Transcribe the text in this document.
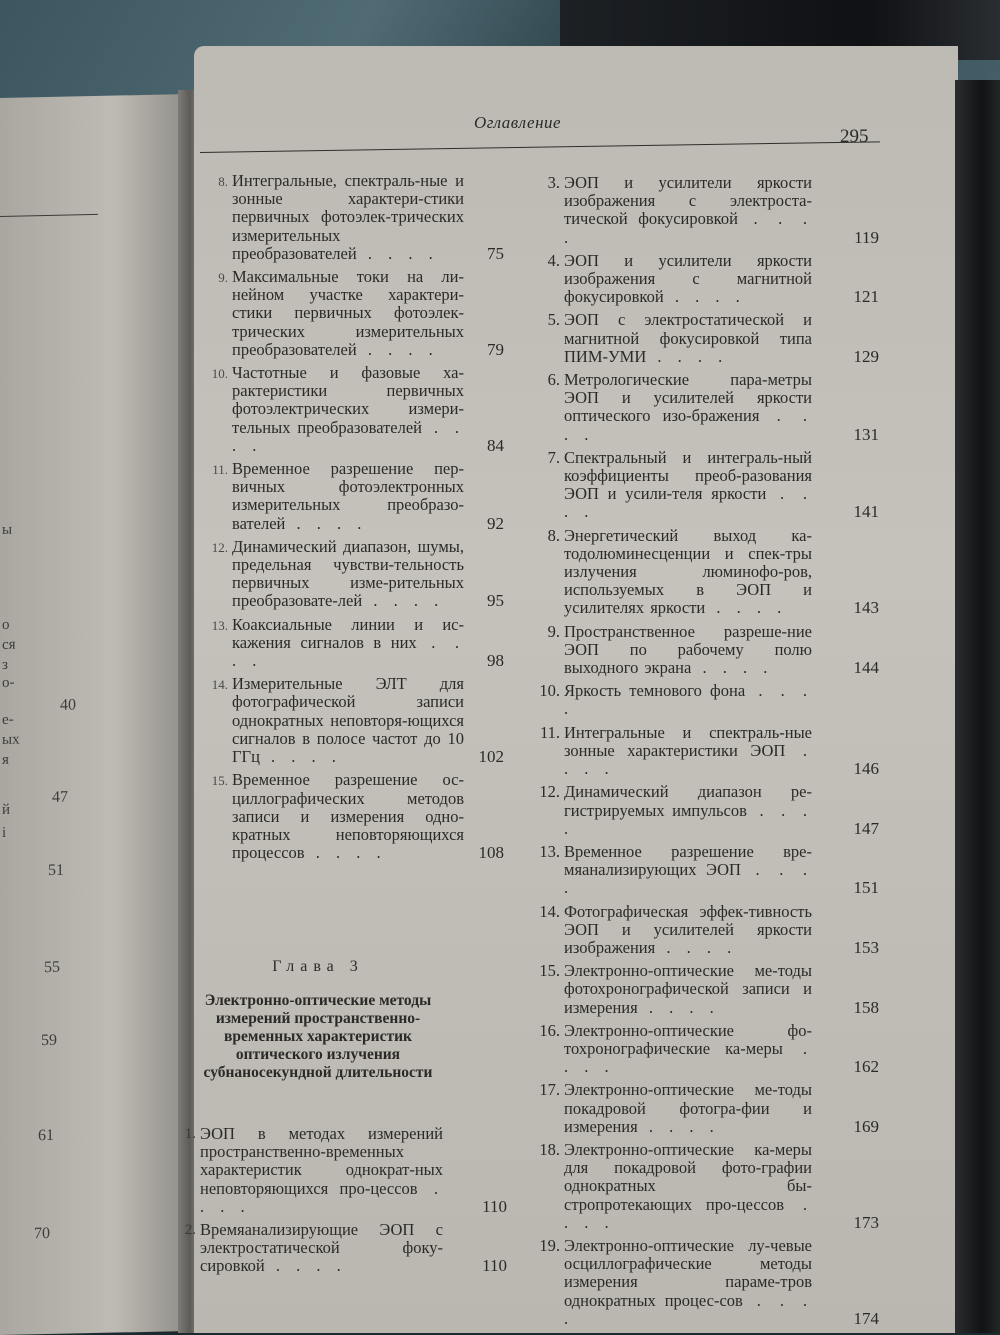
ы
о
ся
з
о-
е-
ых
я
й
і
40
47
51
55
59
61
70
Оглавление
295
8. Интегральные, спектраль-ные и зонные характери-стики первичных фотоэлек-трических измерительных преобразователей . . . .	75
9. Максимальные токи на ли-нейном участке характери-стики первичных фотоэлек-трических измерительных преобразователей . . . .	79
10. Частотные и фазовые ха-рактеристики первичных фотоэлектрических измери-тельных преобразователей . . . .	84
11. Временное разрешение пер-вичных фотоэлектронных измерительных преобразо-вателей . . . .	92
12. Динамический диапазон, шумы, предельная чувстви-тельность первичных изме-рительных преобразовате-лей . . . .	95
13. Коаксиальные линии и ис-кажения сигналов в них . . . .	98
14. Измерительные ЭЛТ для фотографической записи однократных неповторя-ющихся сигналов в полосе частот до 10 ГГц . . . .	102
15. Временное разрешение ос-циллографических методов записи и измерения одно-кратных неповторяющихся процессов . . . .	108
Глава 3
Электронно-оптические методы измерений пространственно-временных характеристик оптического излучения субнаносекундной длительности
1. ЭОП в методах измерений пространственно-временных характеристик однократ-ных неповторяющихся про-цессов . . . .	110
2. Времяанализирующие ЭОП с электростатической фоку-сировкой . . . .	110
3. ЭОП и усилители яркости изображения с электроста-тической фокусировкой . . . .	119
4. ЭОП и усилители яркости изображения с магнитной фокусировкой . . . .	121
5. ЭОП с электростатической и магнитной фокусировкой типа ПИМ-УМИ . . . .	129
6. Метрологические пара-метры ЭОП и усилителей яркости оптического изо-бражения . . . .	131
7. Спектральный и интеграль-ный коэффициенты преоб-разования ЭОП и усили-теля яркости . . . .	141
8. Энергетический выход ка-тодолюминесценции и спек-тры излучения люминофо-ров, используемых в ЭОП и усилителях яркости . . . .	143
9. Пространственное разреше-ние ЭОП по рабочему полю выходного экрана . . . .	144
10. Яркость темнового фона . . . .
11. Интегральные и спектраль-ные зонные характеристики ЭОП . . . .	146
12. Динамический диапазон ре-гистрируемых импульсов . . . .	147
13. Временное разрешение вре-мяанализирующих ЭОП . . . .	151
14. Фотографическая эффек-тивность ЭОП и усилителей яркости изображения . . . .	153
15. Электронно-оптические ме-тоды фотохронографической записи и измерения . . . .	158
16. Электронно-оптические фо-тохронографические ка-меры . . . .	162
17. Электронно-оптические ме-тоды покадровой фотогра-фии и измерения . . . .	169
18. Электронно-оптические ка-меры для покадровой фото-графии однократных бы-стропротекающих про-цессов . . . .	173
19. Электронно-оптические лу-чевые осциллографические методы измерения параме-тров однократных процес-сов . . . .	174
